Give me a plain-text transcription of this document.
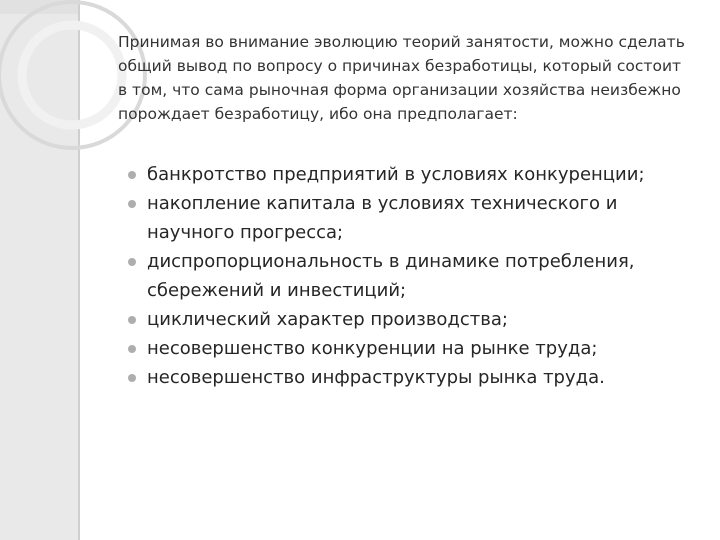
Принимая во внимание эволюцию теорий занятости, можно сделать общий вывод по вопросу о причинах безработицы, который состоит в том, что сама рыночная форма организации хозяйства неизбежно порождает безработицу, ибо она предполагает:
банкротство предприятий в условиях конкуренции;
накопление капитала в условиях технического и научного прогресса;
диспропорциональность в динамике потребления, сбережений и инвестиций;
циклический характер производства;
несовершенство конкуренции на рынке труда;
несовершенство инфраструктуры рынка труда.
